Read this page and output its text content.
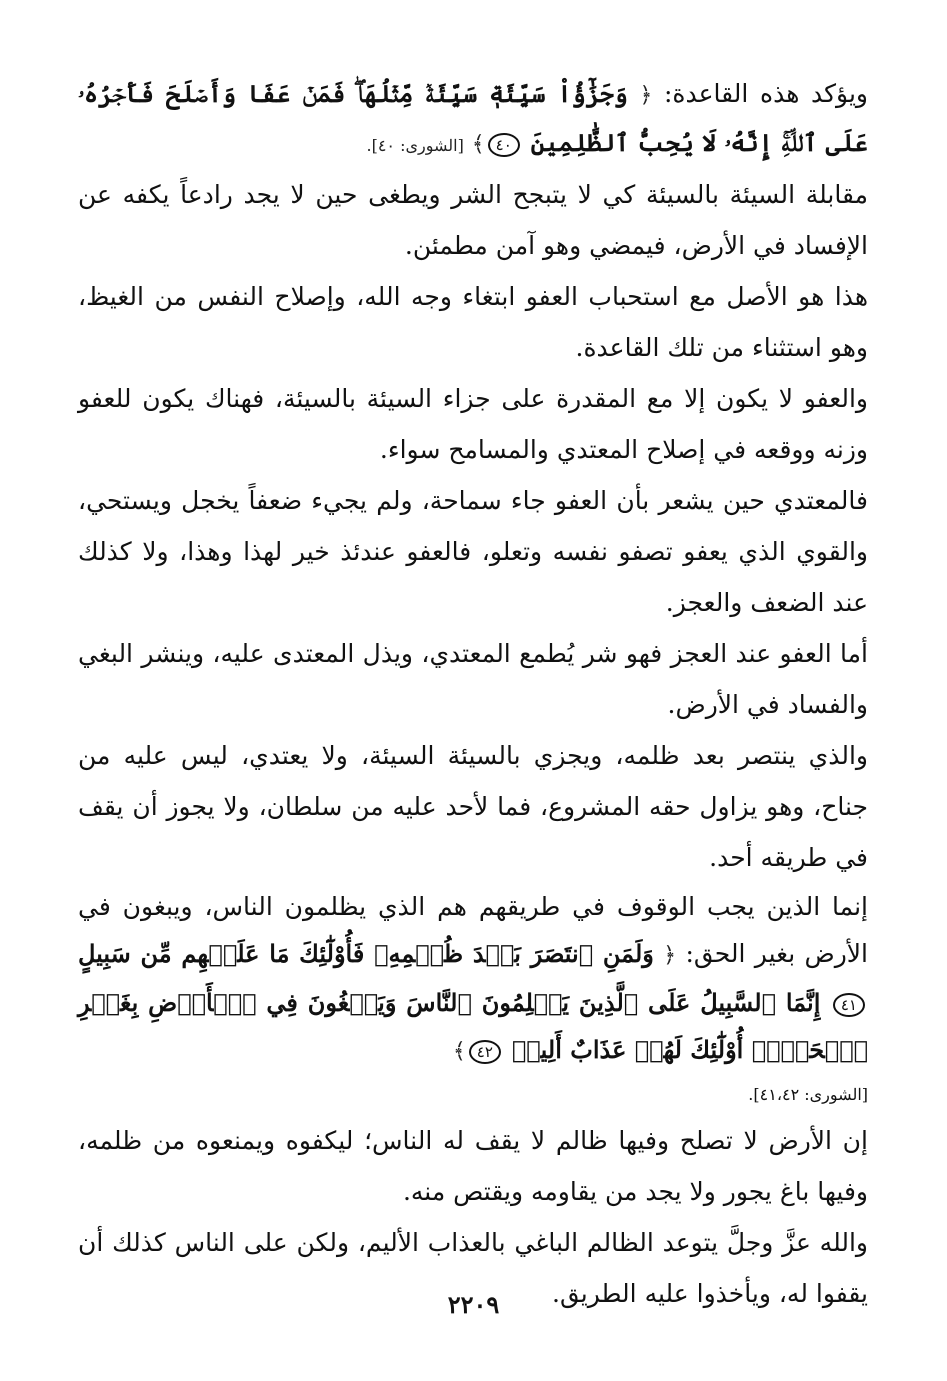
ويؤكد هذه القاعدة: ﴿ وَجَزَٰٓؤُاْ سَيِّئَةٖ سَيِّئَةٞ مِّثۡلُهَاۖ فَمَنۡ عَفَا وَأَصۡلَحَ فَأَجۡرُهُۥ عَلَى ٱللَّهِۚ إِنَّهُۥ لَا يُحِبُّ ٱلظَّٰلِمِينَ ٤٠﴾ [الشورى: ٤٠].

مقابلة السيئة بالسيئة كي لا يتبجح الشر ويطغى حين لا يجد رادعاً يكفه عن الإفساد في الأرض، فيمضي وهو آمن مطمئن.

هذا هو الأصل مع استحباب العفو ابتغاء وجه الله، وإصلاح النفس من الغيظ، وهو استثناء من تلك القاعدة.

والعفو لا يكون إلا مع المقدرة على جزاء السيئة بالسيئة، فهناك يكون للعفو وزنه ووقعه في إصلاح المعتدي والمسامح سواء.

فالمعتدي حين يشعر بأن العفو جاء سماحة، ولم يجيء ضعفاً يخجل ويستحي، والقوي الذي يعفو تصفو نفسه وتعلو، فالعفو عندئذ خير لهذا وهذا، ولا كذلك عند الضعف والعجز.

أما العفو عند العجز فهو شر يُطمع المعتدي، ويذل المعتدى عليه، وينشر البغي والفساد في الأرض.

والذي ينتصر بعد ظلمه، ويجزي بالسيئة السيئة، ولا يعتدي، ليس عليه من جناح، وهو يزاول حقه المشروع، فما لأحد عليه من سلطان، ولا يجوز أن يقف في طريقه أحد.

إنما الذين يجب الوقوف في طريقهم هم الذي يظلمون الناس، ويبغون في الأرض بغير الحق: ﴿ وَلَمَنِ ٱنتَصَرَ بَعۡدَ ظُلۡمِهِۦ فَأُوْلَٰٓئِكَ مَا عَلَيۡهِم مِّن سَبِيلٍ ٤١ إِنَّمَا ٱلسَّبِيلُ عَلَى ٱلَّذِينَ يَظۡلِمُونَ ٱلنَّاسَ وَيَبۡغُونَ فِي ٱلۡأَرۡضِ بِغَيۡرِ ٱلۡحَقِّۚ أُوْلَٰٓئِكَ لَهُمۡ عَذَابٌ أَلِيمٞ ٤٢﴾

[الشورى: ٤١،٤٢].

إن الأرض لا تصلح وفيها ظالم لا يقف له الناس؛ ليكفوه ويمنعوه من ظلمه، وفيها باغ يجور ولا يجد من يقاومه ويقتص منه.

والله عزَّ وجلَّ يتوعد الظالم الباغي بالعذاب الأليم، ولكن على الناس كذلك أن يقفوا له، ويأخذوا عليه الطريق.

٢٢٠٩
